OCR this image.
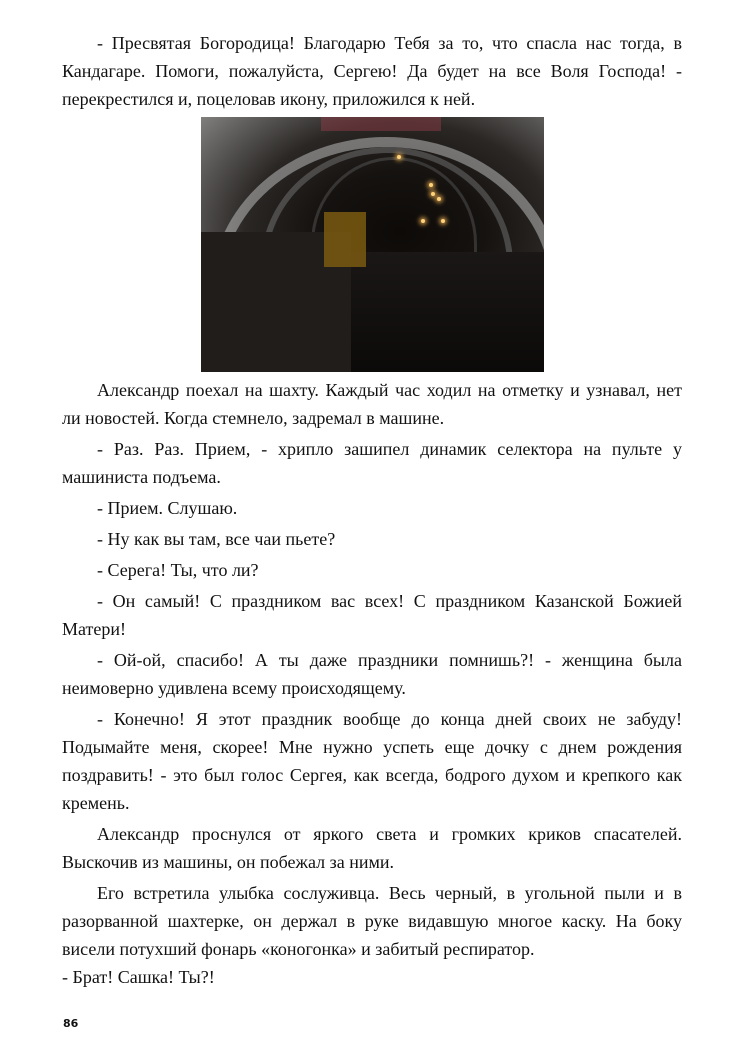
- Пресвятая Богородица! Благодарю Тебя за то, что спасла нас тогда, в Кандагаре. Помоги, пожалуйста, Сергею! Да будет на все Воля Господа! - перекрестился и, поцеловав икону, приложился к ней.

Александр поехал на шахту. Каждый час ходил на отметку и узнавал, нет ли новостей. Когда стемнело, задремал в машине.

- Раз. Раз. Прием, - хрипло зашипел динамик селектора на пульте у машиниста подъема.

- Прием. Слушаю.

- Ну как вы там, все чаи пьете?

- Серега! Ты, что ли?

- Он самый! С праздником вас всех! С праздником Казанской Божией Матери!

- Ой-ой, спасибо! А ты даже праздники помнишь?! - женщина была неимоверно удивлена всему происходящему.

- Конечно! Я этот праздник вообще до конца дней своих не забуду! Подымайте меня, скорее! Мне нужно успеть еще дочку с днем рождения поздравить! - это был голос Сергея, как всегда, бодрого духом и крепкого как кремень.

Александр проснулся от яркого света и громких криков спасателей. Выскочив из машины, он побежал за ними.

Его встретила улыбка сослуживца. Весь черный, в угольной пыли и в разорванной шахтерке, он держал в руке видавшую многое каску. На боку висели потухший фонарь «коногонка» и забитый респиратор.

- Брат! Сашка! Ты?!

86
